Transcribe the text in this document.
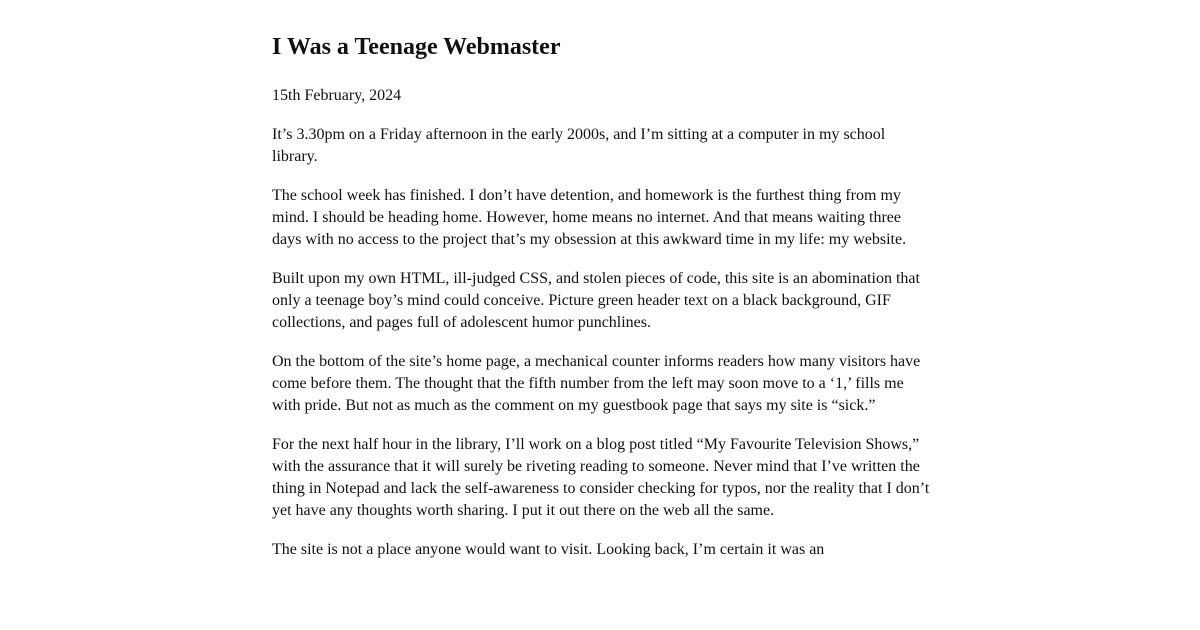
I Was a Teenage Webmaster

15th February, 2024

It’s 3.30pm on a Friday afternoon in the early 2000s, and I’m sitting at a computer in my school library.

The school week has finished. I don’t have detention, and homework is the furthest thing from my mind. I should be heading home. However, home means no internet. And that means waiting three days with no access to the project that’s my obsession at this awkward time in my life: my website.

Built upon my own HTML, ill-judged CSS, and stolen pieces of code, this site is an abomination that only a teenage boy’s mind could conceive. Picture green header text on a black background, GIF collections, and pages full of adolescent humor punchlines.

On the bottom of the site’s home page, a mechanical counter informs readers how many visitors have come before them. The thought that the fifth number from the left may soon move to a ‘1,’ fills me with pride. But not as much as the comment on my guestbook page that says my site is “sick.”

For the next half hour in the library, I’ll work on a blog post titled “My Favourite Television Shows,” with the assurance that it will surely be riveting reading to someone. Never mind that I’ve written the thing in Notepad and lack the self-awareness to consider checking for typos, nor the reality that I don’t yet have any thoughts worth sharing. I put it out there on the web all the same.

The site is not a place anyone would want to visit. Looking back, I’m certain it was an
